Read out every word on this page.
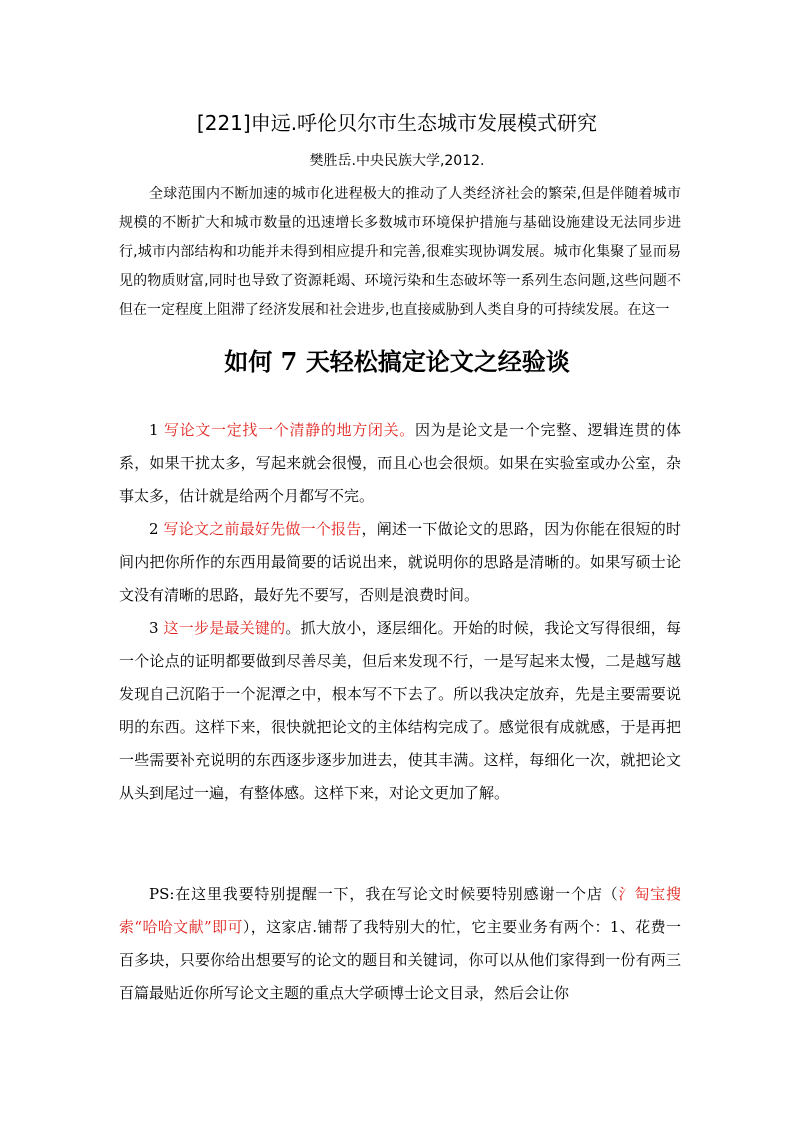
[221]申远.呼伦贝尔市生态城市发展模式研究
樊胜岳.中央民族大学,2012.

全球范围内不断加速的城市化进程极大的推动了人类经济社会的繁荣,但是伴随着城市规模的不断扩大和城市数量的迅速增长多数城市环境保护措施与基础设施建设无法同步进行,城市内部结构和功能并未得到相应提升和完善,很难实现协调发展。城市化集聚了显而易见的物质财富,同时也导致了资源耗竭、环境污染和生态破坏等一系列生态问题,这些问题不但在一定程度上阻滞了经济发展和社会进步,也直接威胁到人类自身的可持续发展。在这一

如何 7 天轻松搞定论文之经验谈

1 写论文一定找一个清静的地方闭关。因为是论文是一个完整、逻辑连贯的体系，如果干扰太多，写起来就会很慢，而且心也会很烦。如果在实验室或办公室，杂事太多，估计就是给两个月都写不完。

2 写论文之前最好先做一个报告，阐述一下做论文的思路，因为你能在很短的时间内把你所作的东西用最简要的话说出来，就说明你的思路是清晰的。如果写硕士论文没有清晰的思路，最好先不要写，否则是浪费时间。

3 这一步是最关键的。抓大放小，逐层细化。开始的时候，我论文写得很细，每一个论点的证明都要做到尽善尽美，但后来发现不行，一是写起来太慢，二是越写越发现自己沉陷于一个泥潭之中，根本写不下去了。所以我决定放弃，先是主要需要说明的东西。这样下来，很快就把论文的主体结构完成了。感觉很有成就感，于是再把一些需要补充说明的东西逐步逐步加进去，使其丰满。这样，每细化一次，就把论文从头到尾过一遍，有整体感。这样下来，对论文更加了解。

PS:在这里我要特别提醒一下，我在写论文时候要特别感谢一个店（氵匋宝搜索“哈哈文献”即可），这家店.铺帮了我特别大的忙，它主要业务有两个：1、花费一百多块，只要你给出想要写的论文的题目和关键词，你可以从他们家得到一份有两三百篇最贴近你所写论文主题的重点大学硕博士论文目录，然后会让你
